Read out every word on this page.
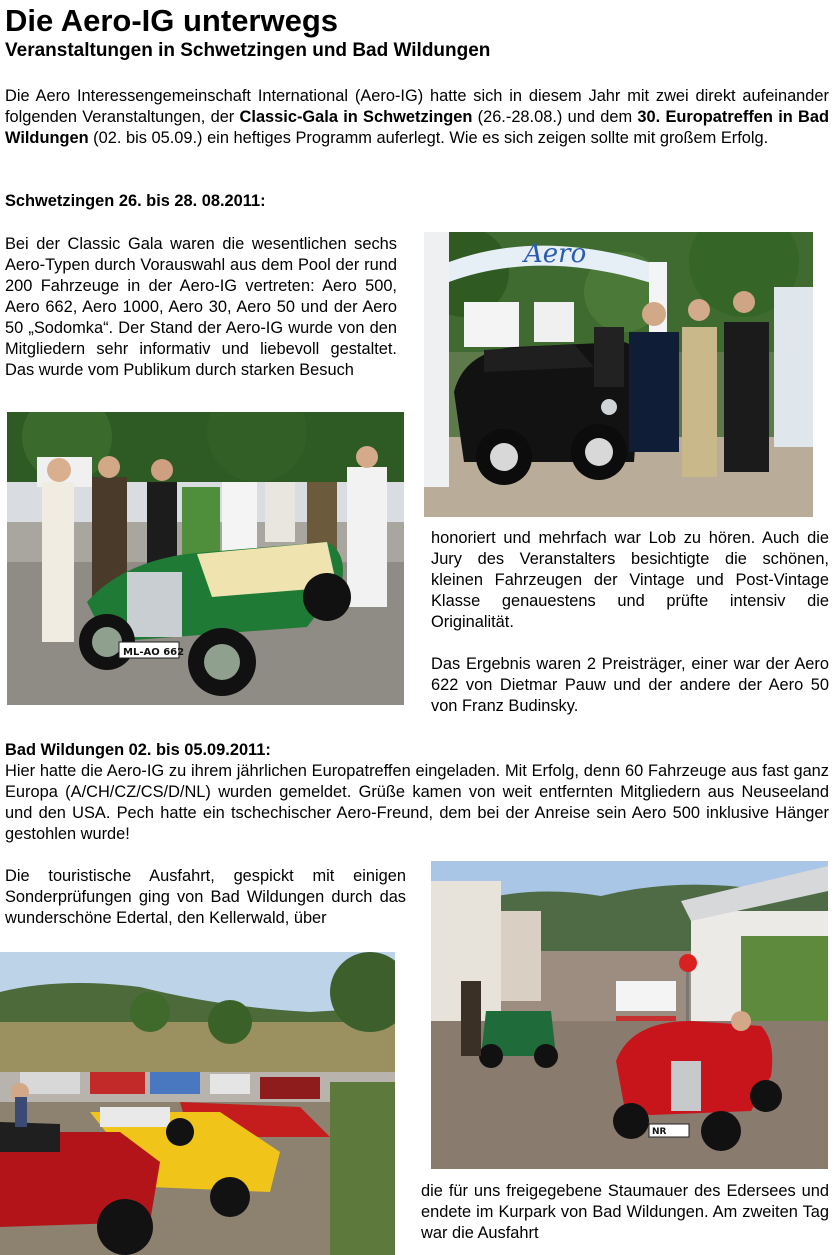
Die Aero-IG unterwegs
Veranstaltungen in Schwetzingen und Bad Wildungen

Die Aero Interessengemeinschaft International (Aero-IG) hatte sich in diesem Jahr mit zwei direkt aufeinander folgenden Veranstaltungen, der Classic-Gala in Schwetzingen (26.-28.08.) und dem 30. Europatreffen in Bad Wildungen (02. bis 05.09.) ein heftiges Programm auferlegt. Wie es sich zeigen sollte mit großem Erfolg.

Schwetzingen 26. bis 28. 08.2011:

Bei der Classic Gala waren die wesentlichen sechs Aero-Typen durch Vorauswahl aus dem Pool der rund 200 Fahrzeuge in der Aero-IG vertreten: Aero 500, Aero 662, Aero 1000, Aero 30, Aero 50 und der Aero 50 „Sodomka“. Der Stand der Aero-IG wurde von den Mitgliedern sehr informativ und liebevoll gestaltet. Das wurde vom Publikum durch starken Besuch

Aero
ML-AO 662

honoriert und mehrfach war Lob zu hören. Auch die Jury des Veranstalters besichtigte die schönen, kleinen Fahrzeugen der Vintage und Post-Vintage Klasse genauestens und prüfte intensiv die Originalität.

Das Ergebnis waren 2 Preisträger, einer war der Aero 622 von Dietmar Pauw und der andere der Aero 50 von Franz Budinsky.

Bad Wildungen 02. bis 05.09.2011:

Hier hatte die Aero-IG zu ihrem jährlichen Europatreffen eingeladen. Mit Erfolg, denn 60 Fahrzeuge aus fast ganz Europa (A/CH/CZ/CS/D/NL) wurden gemeldet. Grüße kamen von weit entfernten Mitgliedern aus Neuseeland und den USA. Pech hatte ein tschechischer Aero-Freund, dem bei der Anreise sein Aero 500 inklusive Hänger gestohlen wurde!

Die touristische Ausfahrt, gespickt mit einigen Sonderprüfungen ging von Bad Wildungen durch das wunderschöne Edertal, den Kellerwald, über

NR

die für uns freigegebene Staumauer des Edersees und endete im Kurpark von Bad Wildungen. Am zweiten Tag war die Ausfahrt
